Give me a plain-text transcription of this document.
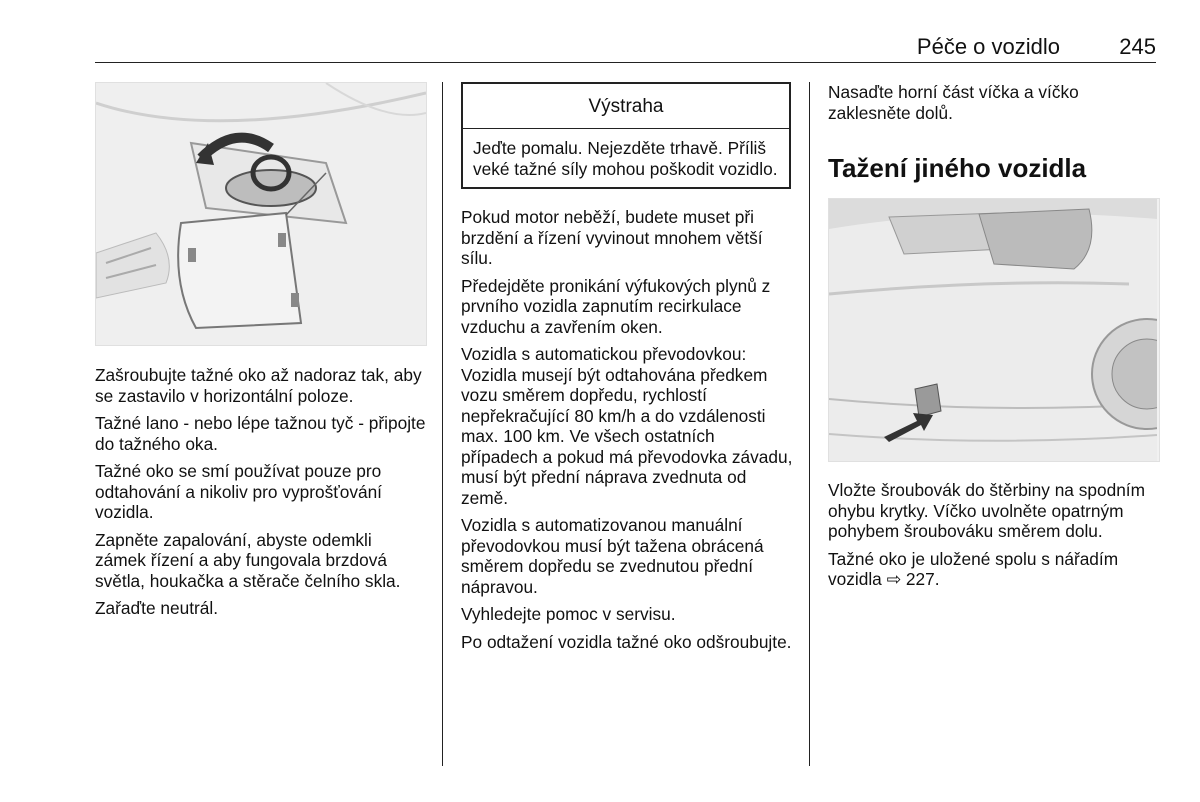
Péče o vozidlo	245

Zašroubujte tažné oko až nadoraz tak, aby se zastavilo v horizontální poloze.

Tažné lano - nebo lépe tažnou tyč - připojte do tažného oka.

Tažné oko se smí používat pouze pro odtahování a nikoliv pro vyprošťování vozidla.

Zapněte zapalování, abyste odemkli zámek řízení a aby fungovala brzdová světla, houkačka a stěrače čelního skla.

Zařaďte neutrál.

Výstraha
Jeďte pomalu. Nejezděte trhavě. Příliš veké tažné síly mohou poškodit vozidlo.

Pokud motor neběží, budete muset při brzdění a řízení vyvinout mnohem větší sílu.

Předejděte pronikání výfukových plynů z prvního vozidla zapnutím recirkulace vzduchu a zavřením oken.

Vozidla s automatickou převodovkou: Vozidla musejí být odtahována předkem vozu směrem dopředu, rychlostí nepřekračující 80 km/h a do vzdálenosti max. 100 km. Ve všech ostatních případech a pokud má převodovka závadu, musí být přední náprava zvednuta od země.

Vozidla s automatizovanou manuální převodovkou musí být tažena obrácená směrem dopředu se zvednutou přední nápravou.

Vyhledejte pomoc v servisu.

Po odtažení vozidla tažné oko odšroubujte.

Nasaďte horní část víčka a víčko zaklesněte dolů.

Tažení jiného vozidla

Vložte šroubovák do štěrbiny na spodním ohybu krytky. Víčko uvolněte opatrným pohybem šroubováku směrem dolu.

Tažné oko je uložené spolu s nářadím vozidla ⇨ 227.
